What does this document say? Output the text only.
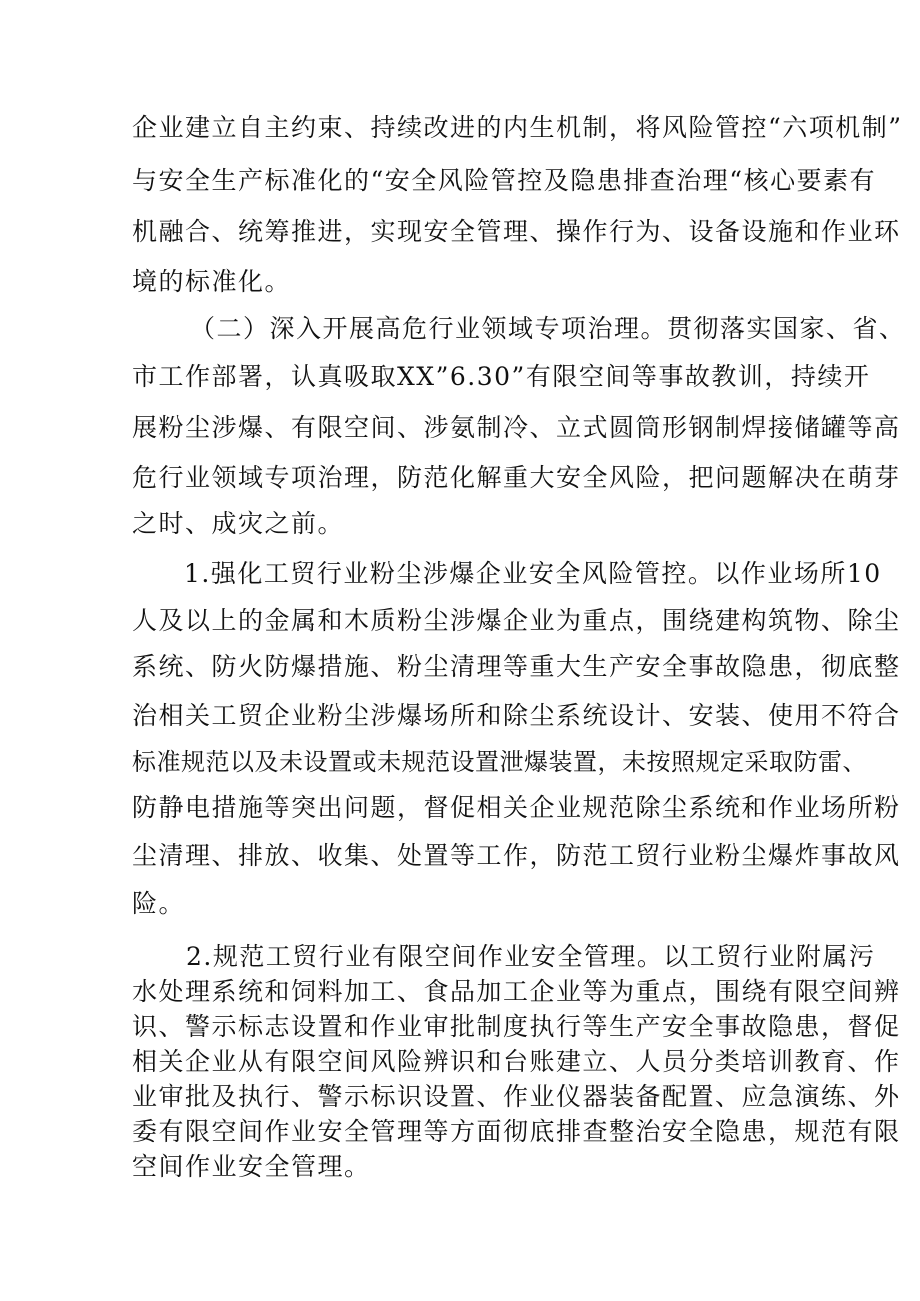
企业建立自主约束、持续改进的内生机制，将风险管控“六项机制”
与安全生产标准化的“安全风险管控及隐患排查治理“核心要素有
机融合、统筹推进，实现安全管理、操作行为、设备设施和作业环
境的标准化。
（二）深入开展高危行业领域专项治理。贯彻落实国家、省、
市工作部署，认真吸取XX”6.30”有限空间等事故教训，持续开
展粉尘涉爆、有限空间、涉氨制冷、立式圆筒形钢制焊接储罐等高
危行业领域专项治理，防范化解重大安全风险，把问题解决在萌芽
之时、成灾之前。
1.强化工贸行业粉尘涉爆企业安全风险管控。以作业场所10
人及以上的金属和木质粉尘涉爆企业为重点，围绕建构筑物、除尘
系统、防火防爆措施、粉尘清理等重大生产安全事故隐患，彻底整
治相关工贸企业粉尘涉爆场所和除尘系统设计、安装、使用不符合
标准规范以及未设置或未规范设置泄爆装置，未按照规定采取防雷、
防静电措施等突出问题，督促相关企业规范除尘系统和作业场所粉
尘清理、排放、收集、处置等工作，防范工贸行业粉尘爆炸事故风
险。
2.规范工贸行业有限空间作业安全管理。以工贸行业附属污
水处理系统和饲料加工、食品加工企业等为重点，围绕有限空间辨
识、警示标志设置和作业审批制度执行等生产安全事故隐患，督促
相关企业从有限空间风险辨识和台账建立、人员分类培训教育、作
业审批及执行、警示标识设置、作业仪器装备配置、应急演练、外
委有限空间作业安全管理等方面彻底排查整治安全隐患，规范有限
空间作业安全管理。
